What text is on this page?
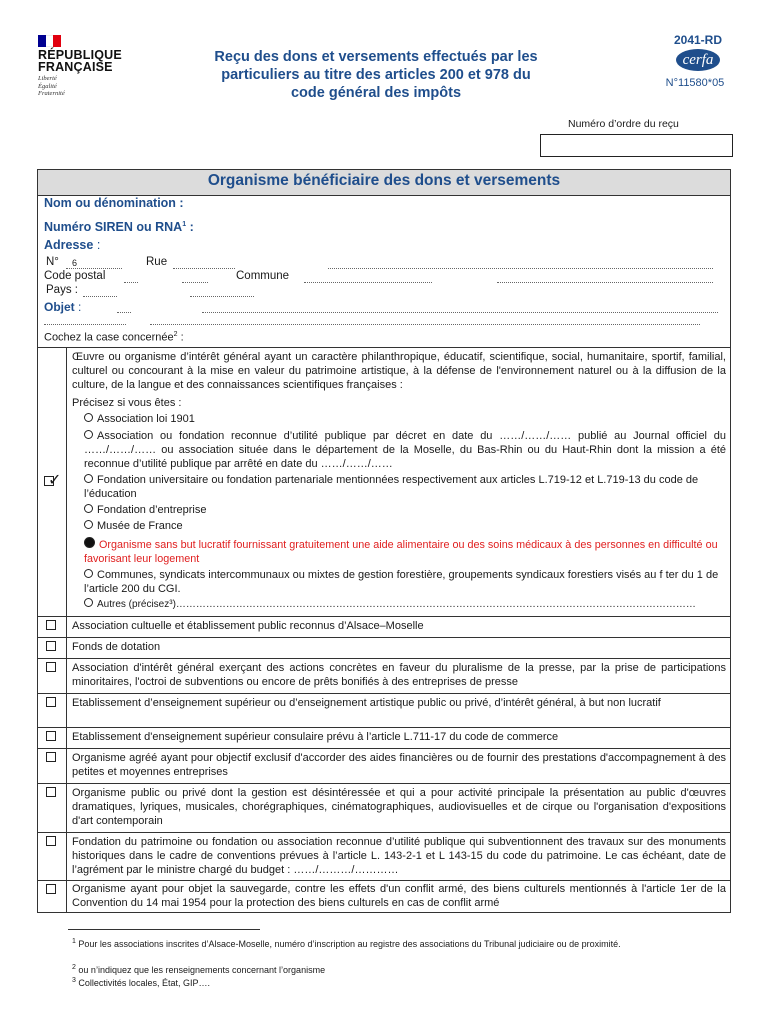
RÉPUBLIQUE
FRANÇAISE
Liberté
Égalité
Fraternité
Reçu des dons et versements effectués par les
particuliers au titre des articles 200 et 978 du
code général des impôts
2041-RD
cerfa
N°11580*05
Numéro d’ordre du reçu
Organisme bénéficiaire des dons et versements
Nom ou dénomination :
Numéro SIREN ou RNA$^1$ :
Adresse :
N° 6	Rue
Code postal	Commune
Pays :
Objet :
Cochez la case concernée$^2$ :
✓
Œuvre ou organisme d’intérêt général ayant un caractère philanthropique, éducatif, scientifique, social, humanitaire, sportif, familial, culturel ou concourant à la mise en valeur du patrimoine artistique, à la défense de l'environnement naturel ou à la diffusion de la culture, de la langue et des connaissances scientifiques françaises :
Précisez si vous êtes :
Association loi 1901
Association ou fondation reconnue d’utilité publique par décret en date du ……/……/…… publié au Journal officiel du ……/……/…… ou association située dans le département de la Moselle, du Bas-Rhin ou du Haut-Rhin dont la mission a été reconnue d’utilité publique par arrêté en date du ……/……/……
Fondation universitaire ou fondation partenariale mentionnées respectivement aux articles L.719-12 et L.719-13 du code de l’éducation
Fondation d’entreprise
Musée de France
Organisme sans but lucratif fournissant gratuitement une aide alimentaire ou des soins médicaux à des personnes en difficulté ou favorisant leur logement
Communes, syndicats intercommunaux ou mixtes de gestion forestière, groupements syndicaux forestiers visés au f ter du 1 de l’article 200 du CGI.
Autres (précisez³)…………………………………………………………………………………………………………………………………………
Association cultuelle et établissement public reconnus d’Alsace–Moselle
Fonds de dotation
Association d'intérêt général exerçant des actions concrètes en faveur du pluralisme de la presse, par la prise de participations minoritaires, l'octroi de subventions ou encore de prêts bonifiés à des entreprises de presse
Etablissement d’enseignement supérieur ou d’enseignement artistique public ou privé, d’intérêt général, à but non lucratif
Etablissement d'enseignement supérieur consulaire prévu à l’article L.711-17 du code de commerce
Organisme agréé ayant pour objectif exclusif d'accorder des aides financières ou de fournir des prestations d'accompagnement à des petites et moyennes entreprises
Organisme public ou privé dont la gestion est désintéressée et qui a pour activité principale la présentation au public d'œuvres dramatiques, lyriques, musicales, chorégraphiques, cinématographiques, audiovisuelles et de cirque ou l'organisation d'expositions d'art contemporain
Fondation du patrimoine ou fondation ou association reconnue d’utilité publique qui subventionnent des travaux sur des monuments historiques dans le cadre de conventions prévues à l’article L. 143-2-1 et L 143-15 du code du patrimoine. Le cas échéant, date de l’agrément par le ministre chargé du budget : ……/………/…………
Organisme ayant pour objet la sauvegarde, contre les effets d'un conflit armé, des biens culturels mentionnés à l'article 1er de la Convention du 14 mai 1954 pour la protection des biens culturels en cas de conflit armé
$^1$ Pour les associations inscrites d’Alsace-Moselle, numéro d’inscription au registre des associations du Tribunal judiciaire ou de proximité.
$^2$ ou n’indiquez que les renseignements concernant l’organisme
$^3$ Collectivités locales, État, GIP….
